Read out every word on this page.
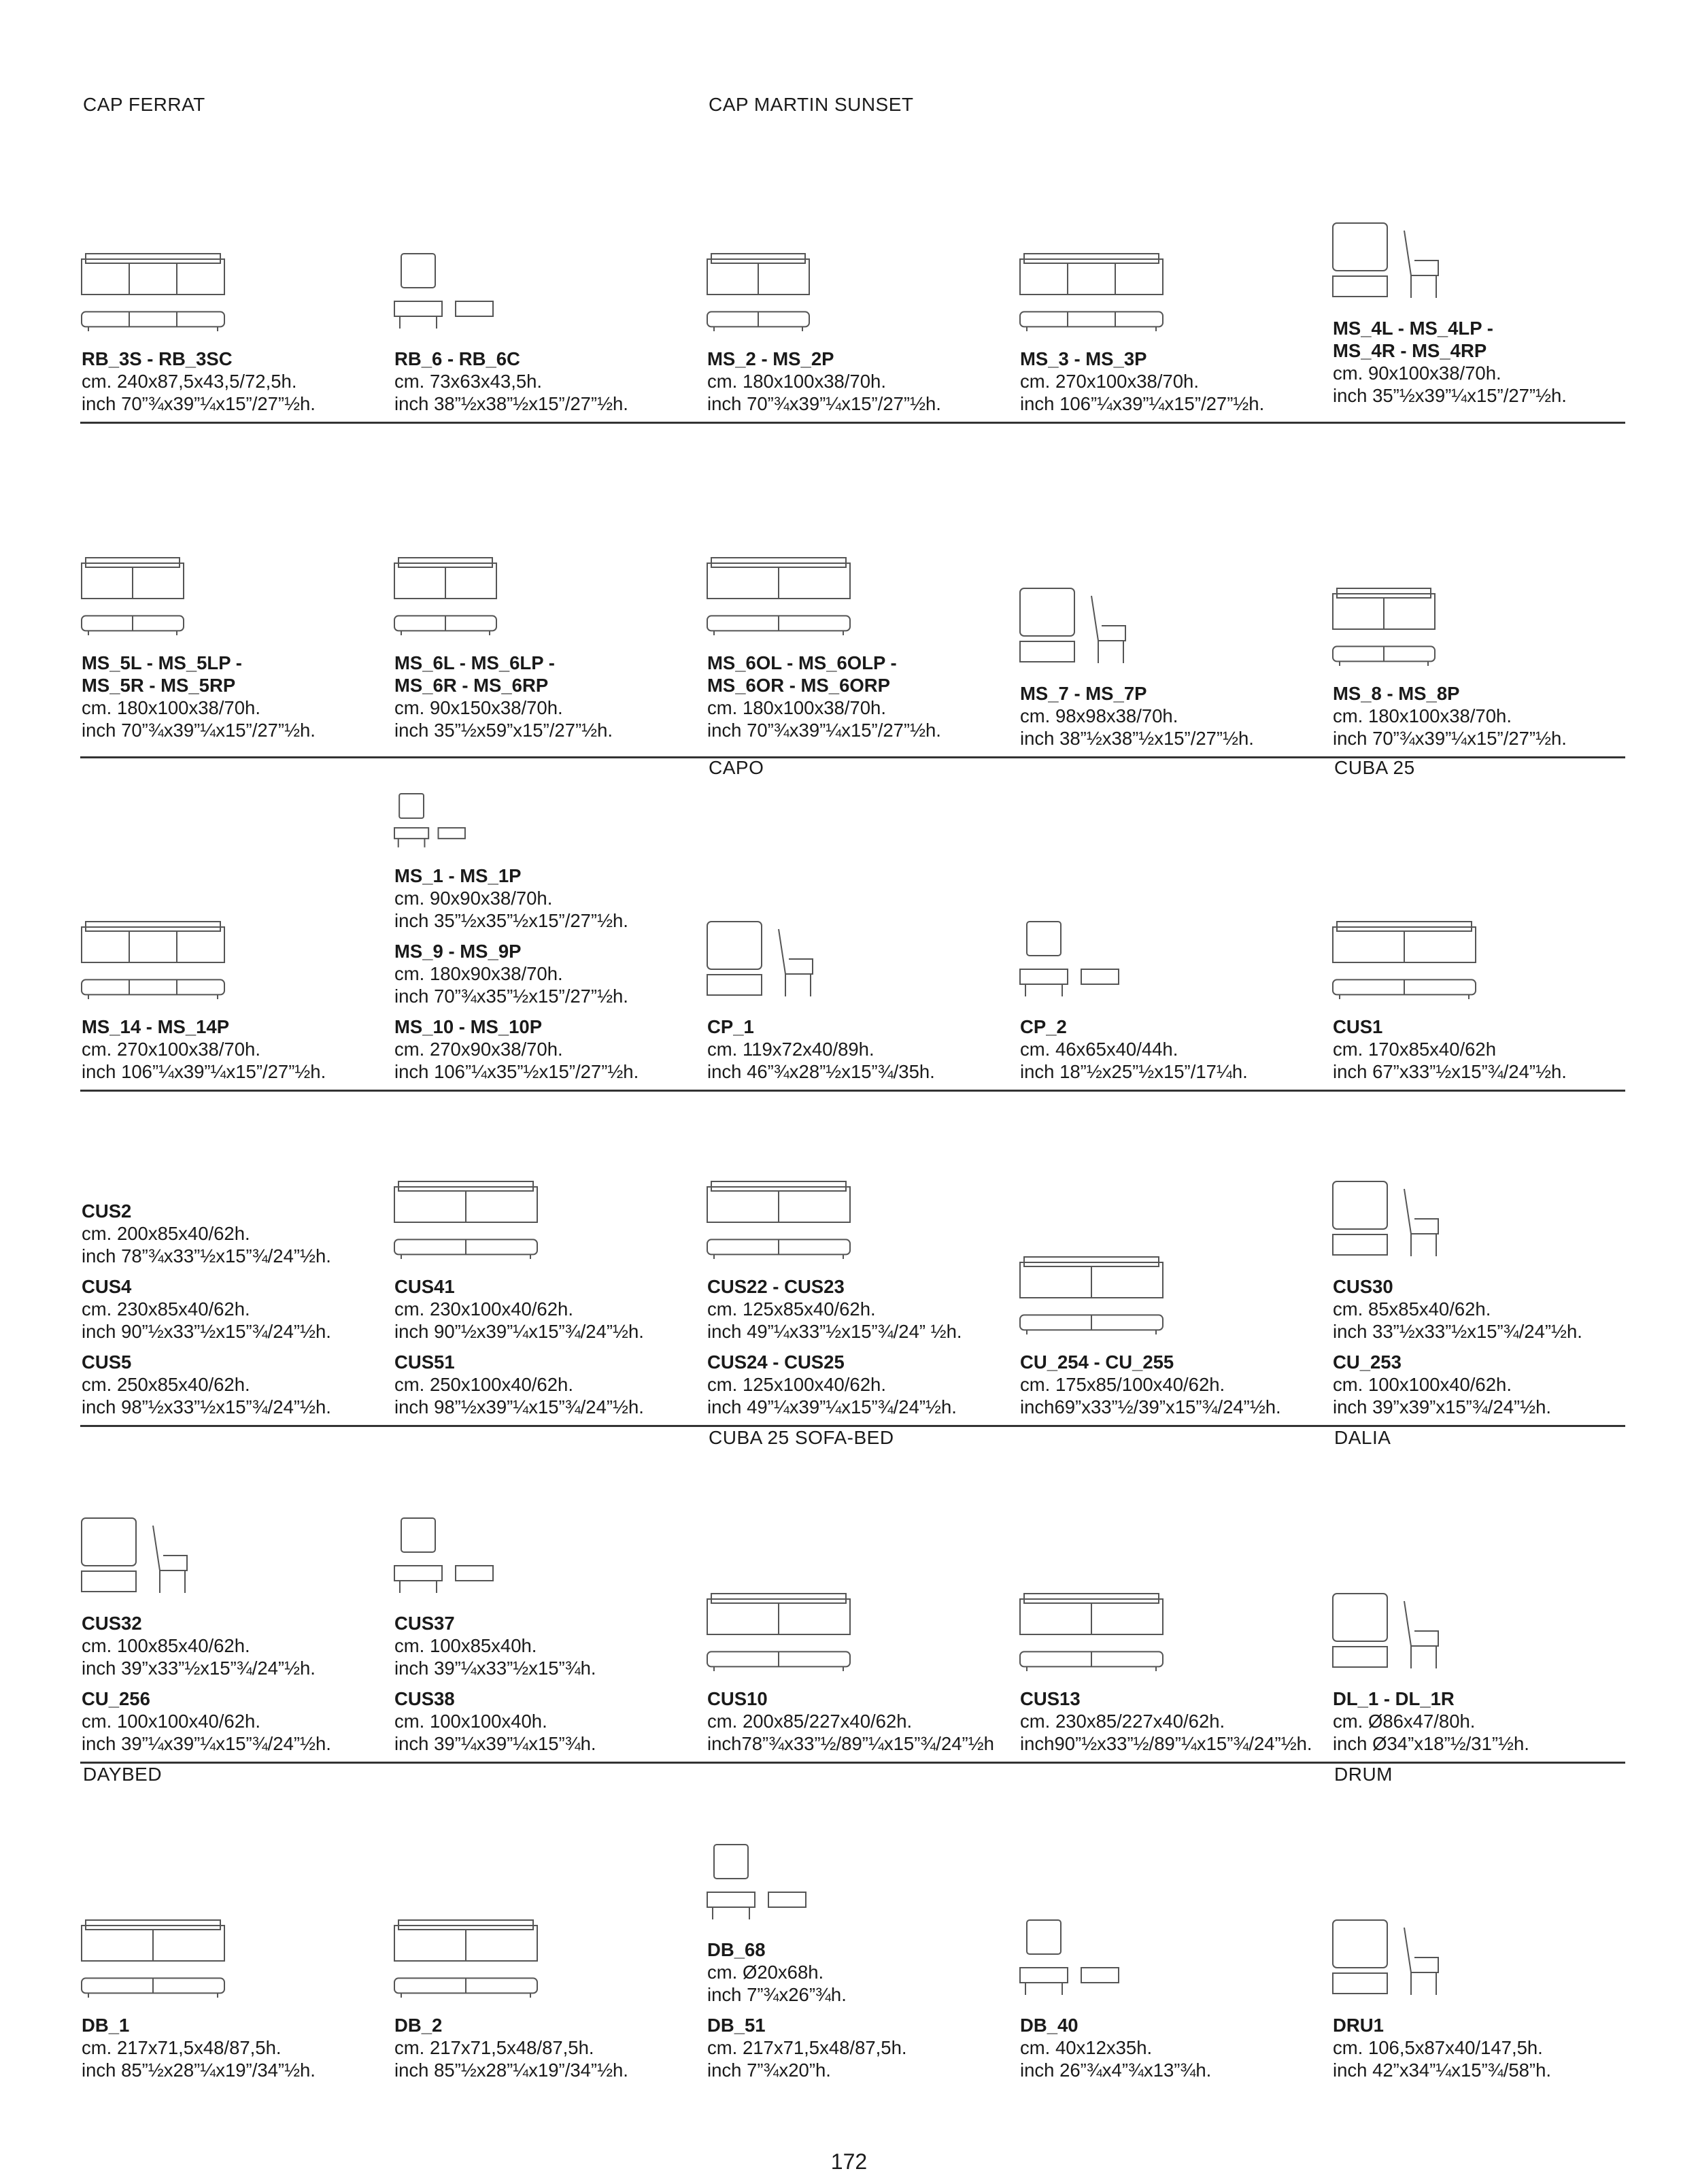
172
CAP FERRAT	CAP MARTIN SUNSET
CAPO	CUBA 25
CUBA 25 SOFA-BED	DALIA
DAYBED	DRUM
RB_3S - RB_3SC
cm. 240x87,5x43,5/72,5h.
inch 70”¾x39”¼x15”/27”½h.
RB_6 - RB_6C
cm. 73x63x43,5h.
inch 38”½x38”½x15”/27”½h.
MS_2 - MS_2P
cm. 180x100x38/70h.
inch 70”¾x39”¼x15”/27”½h.
MS_3 - MS_3P
cm. 270x100x38/70h.
inch 106”¼x39”¼x15”/27”½h.
MS_4L - MS_4LP -
MS_4R - MS_4RP
cm. 90x100x38/70h.
inch 35”½x39”¼x15”/27”½h.
MS_5L - MS_5LP -
MS_5R - MS_5RP
cm. 180x100x38/70h.
inch 70”¾x39”¼x15”/27”½h.
MS_6L - MS_6LP -
MS_6R - MS_6RP
cm. 90x150x38/70h.
inch 35”½x59”x15”/27”½h.
MS_6OL - MS_6OLP -
MS_6OR - MS_6ORP
cm. 180x100x38/70h.
inch 70”¾x39”¼x15”/27”½h.
MS_7 - MS_7P
cm. 98x98x38/70h.
inch 38”½x38”½x15”/27”½h.
MS_8 - MS_8P
cm. 180x100x38/70h.
inch 70”¾x39”¼x15”/27”½h.
MS_14 - MS_14P
cm. 270x100x38/70h.
inch 106”¼x39”¼x15”/27”½h.
MS_1 - MS_1P
cm. 90x90x38/70h.
inch 35”½x35”½x15”/27”½h.
MS_9 - MS_9P
cm. 180x90x38/70h.
inch 70”¾x35”½x15”/27”½h.
MS_10 - MS_10P
cm. 270x90x38/70h.
inch 106”¼x35”½x15”/27”½h.
CP_1
cm. 119x72x40/89h.
inch 46”¾x28”½x15”¾/35h.
CP_2
cm. 46x65x40/44h.
inch 18”½x25”½x15”/17¼h.
CUS1
cm. 170x85x40/62h
inch 67”x33”½x15”¾/24”½h.
CUS2
cm. 200x85x40/62h.
inch 78”¾x33”½x15”¾/24”½h.
CUS4
cm. 230x85x40/62h.
inch 90”½x33”½x15”¾/24”½h.
CUS5
cm. 250x85x40/62h.
inch 98”½x33”½x15”¾/24”½h.
CUS41
cm. 230x100x40/62h.
inch 90”½x39”¼x15”¾/24”½h.
CUS51
cm. 250x100x40/62h.
inch 98”½x39”¼x15”¾/24”½h.
CUS22 - CUS23
cm. 125x85x40/62h.
inch 49”¼x33”½x15”¾/24” ½h.
CUS24 - CUS25
cm. 125x100x40/62h.
inch 49”¼x39”¼x15”¾/24”½h.
CU_254 - CU_255
cm. 175x85/100x40/62h.
inch69”x33”½/39”x15”¾/24”½h.
CUS30
cm. 85x85x40/62h.
inch 33”½x33”½x15”¾/24”½h.
CU_253
cm. 100x100x40/62h.
inch 39”x39”x15”¾/24”½h.
CUS32
cm. 100x85x40/62h.
inch 39”x33”½x15”¾/24”½h.
CU_256
cm. 100x100x40/62h.
inch 39”¼x39”¼x15”¾/24”½h.
CUS37
cm. 100x85x40h.
inch 39”¼x33”½x15”¾h.
CUS38
cm. 100x100x40h.
inch 39”¼x39”¼x15”¾h.
CUS10
cm. 200x85/227x40/62h.
inch78”¾x33”½/89”¼x15”¾/24”½h
CUS13
cm. 230x85/227x40/62h.
inch90”½x33”½/89”¼x15”¾/24”½h.
DL_1 - DL_1R
cm. Ø86x47/80h.
inch Ø34”x18”½/31”½h.
DB_1
cm. 217x71,5x48/87,5h.
inch 85”½x28”¼x19”/34”½h.
DB_2
cm. 217x71,5x48/87,5h.
inch 85”½x28”¼x19”/34”½h.
DB_68
cm. Ø20x68h.
inch 7”¾x26”¾h.
DB_51
cm. 217x71,5x48/87,5h.
inch 7”¾x20”h.
DB_40
cm. 40x12x35h.
inch 26”¾x4”¾x13”¾h.
DRU1
cm. 106,5x87x40/147,5h.
inch 42”x34”¼x15”¾/58”h.
